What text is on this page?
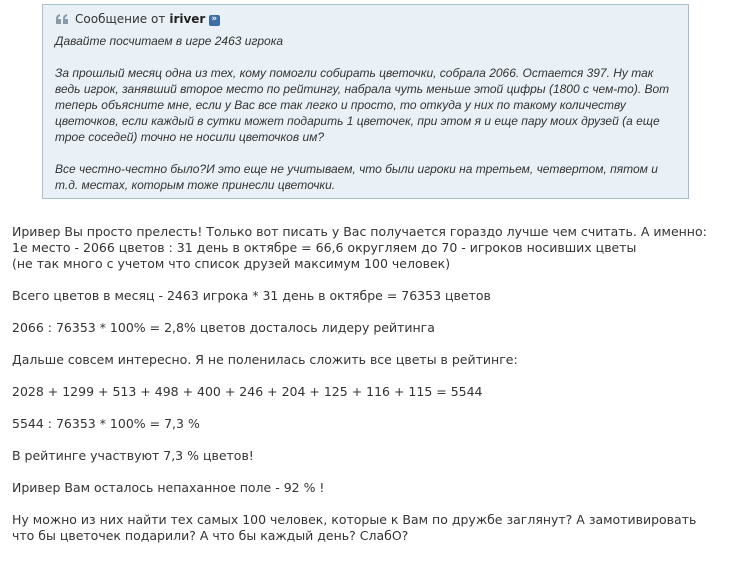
Сообщение от iriver
»

Давайте посчитаем в игре 2463 игрока

За прошлый месяц одна из тех, кому помогли собирать цветочки, собрала 2066. Остается 397. Ну так ведь игрок, занявший второе место по рейтингу, набрала чуть меньше этой цифры (1800 с чем-то). Вот теперь объясните мне, если у Вас все так легко и просто, то откуда у них по такому количеству цветочков, если каждый в сутки может подарить 1 цветочек, при этом я и еще пару моих друзей (а еще трое соседей) точно не носили цветочков им?

Все честно-честно было?И это еще не учитываем, что были игроки на третьем, четвертом, пятом и т.д. местах, которым тоже принесли цветочки.

Иривер Вы просто прелесть! Только вот писать у Вас получается гораздо лучше чем считать. А именно:

1е место - 2066 цветов : 31 день в октябре = 66,6 округляем до 70 - игроков носивших цветы

(не так много с учетом что список друзей максимум 100 человек)

Всего цветов в месяц - 2463 игрока * 31 день в октябре = 76353 цветов

2066 : 76353 * 100% = 2,8% цветов досталось лидеру рейтинга

Дальше совсем интересно. Я не поленилась сложить все цветы в рейтинге:

2028 + 1299 + 513 + 498 + 400 + 246 + 204 + 125 + 116 + 115 = 5544

5544 : 76353 * 100% = 7,3 %

В рейтинге участвуют 7,3 % цветов!

Иривер Вам осталось непаханное поле - 92 % !

Ну можно из них найти тех самых 100 человек, которые к Вам по дружбе заглянут? А замотивировать что бы цветочек подарили? А что бы каждый день? СлабО?
